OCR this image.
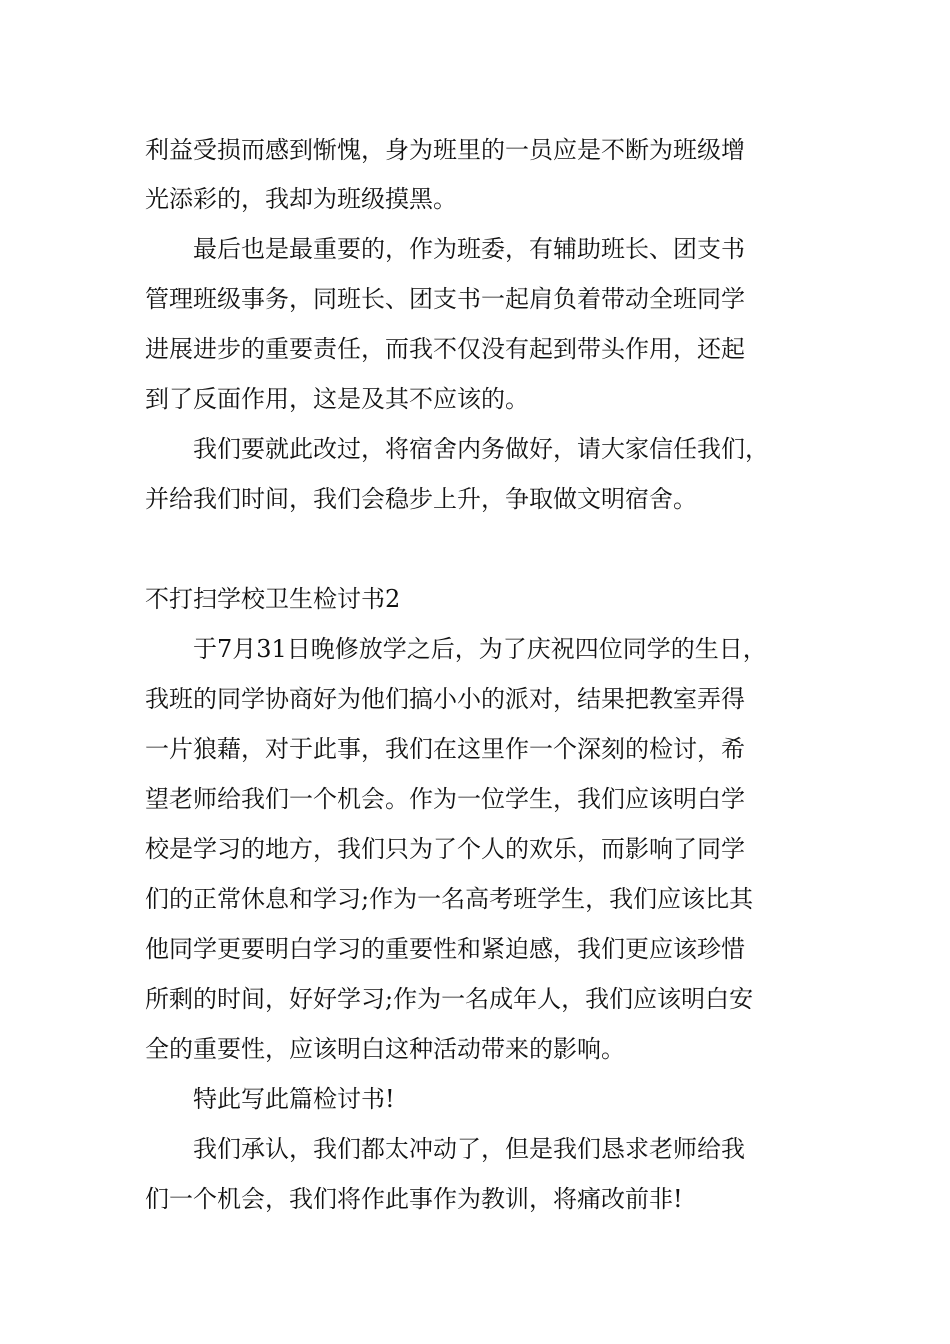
利益受损而感到惭愧，身为班里的一员应是不断为班级增
光添彩的，我却为班级摸黑。
最后也是最重要的，作为班委，有辅助班长、团支书
管理班级事务，同班长、团支书一起肩负着带动全班同学
进展进步的重要责任，而我不仅没有起到带头作用，还起
到了反面作用，这是及其不应该的。
我们要就此改过，将宿舍内务做好，请大家信任我们，
并给我们时间，我们会稳步上升，争取做文明宿舍。
不打扫学校卫生检讨书2
于7月31日晚修放学之后，为了庆祝四位同学的生日，
我班的同学协商好为他们搞小小的派对，结果把教室弄得
一片狼藉，对于此事，我们在这里作一个深刻的检讨，希
望老师给我们一个机会。作为一位学生，我们应该明白学
校是学习的地方，我们只为了个人的欢乐，而影响了同学
们的正常休息和学习;作为一名高考班学生，我们应该比其
他同学更要明白学习的重要性和紧迫感，我们更应该珍惜
所剩的时间，好好学习;作为一名成年人，我们应该明白安
全的重要性，应该明白这种活动带来的影响。
特此写此篇检讨书!
我们承认，我们都太冲动了，但是我们恳求老师给我
们一个机会，我们将作此事作为教训，将痛改前非!
